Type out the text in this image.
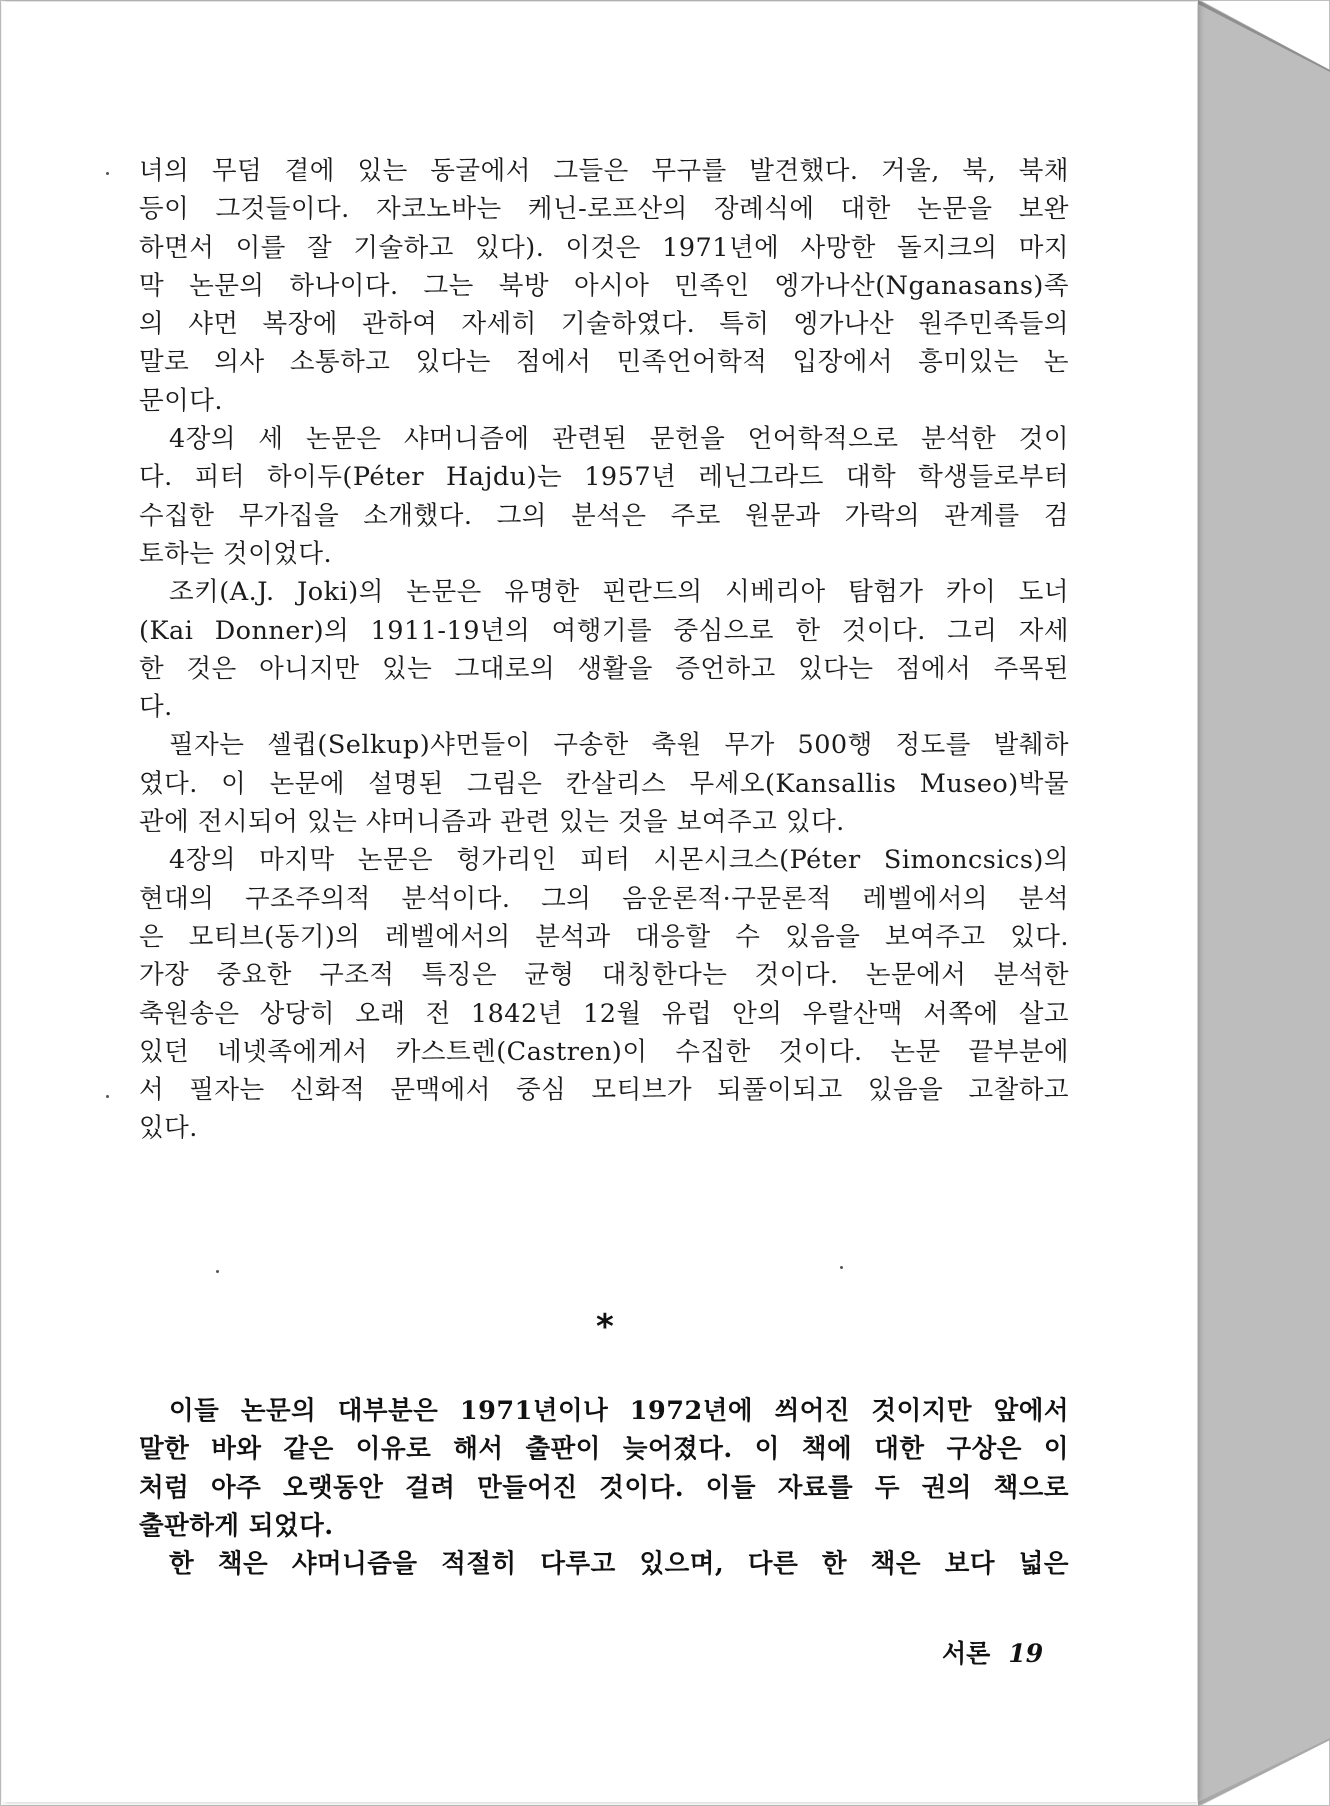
녀의 무덤 곁에 있는 동굴에서 그들은 무구를 발견했다. 거울, 북, 북채
등이 그것들이다. 자코노바는 케닌-로프산의 장례식에 대한 논문을 보완
하면서 이를 잘 기술하고 있다). 이것은 1971년에 사망한 돌지크의 마지
막 논문의 하나이다. 그는 북방 아시아 민족인 엥가나산(Nganasans)족
의 샤먼 복장에 관하여 자세히 기술하였다. 특히 엥가나산 원주민족들의
말로 의사 소통하고 있다는 점에서 민족언어학적 입장에서 흥미있는 논
문이다.
4장의 세 논문은 샤머니즘에 관련된 문헌을 언어학적으로 분석한 것이
다. 피터 하이두(Péter Hajdu)는 1957년 레닌그라드 대학 학생들로부터
수집한 무가집을 소개했다. 그의 분석은 주로 원문과 가락의 관계를 검
토하는 것이었다.
조키(A.J. Joki)의 논문은 유명한 핀란드의 시베리아 탐험가 카이 도너
(Kai Donner)의 1911-19년의 여행기를 중심으로 한 것이다. 그리 자세
한 것은 아니지만 있는 그대로의 생활을 증언하고 있다는 점에서 주목된
다.
필자는 셀큅(Selkup)샤먼들이 구송한 축원 무가 500행 정도를 발췌하
였다. 이 논문에 설명된 그림은 칸살리스 무세오(Kansallis Museo)박물
관에 전시되어 있는 샤머니즘과 관련 있는 것을 보여주고 있다.
4장의 마지막 논문은 헝가리인 피터 시몬시크스(Péter Simoncsics)의
현대의 구조주의적 분석이다. 그의 음운론적·구문론적 레벨에서의 분석
은 모티브(동기)의 레벨에서의 분석과 대응할 수 있음을 보여주고 있다.
가장 중요한 구조적 특징은 균형 대칭한다는 것이다. 논문에서 분석한
축원송은 상당히 오래 전 1842년 12월 유럽 안의 우랄산맥 서쪽에 살고
있던 네넷족에게서 카스트렌(Castren)이 수집한 것이다. 논문 끝부분에
서 필자는 신화적 문맥에서 중심 모티브가 되풀이되고 있음을 고찰하고
있다.
*
이들 논문의 대부분은 1971년이나 1972년에 씌어진 것이지만 앞에서
말한 바와 같은 이유로 해서 출판이 늦어졌다. 이 책에 대한 구상은 이
처럼 아주 오랫동안 걸려 만들어진 것이다. 이들 자료를 두 권의 책으로
출판하게 되었다.
한 책은 샤머니즘을 적절히 다루고 있으며, 다른 한 책은 보다 넓은
서론 19
